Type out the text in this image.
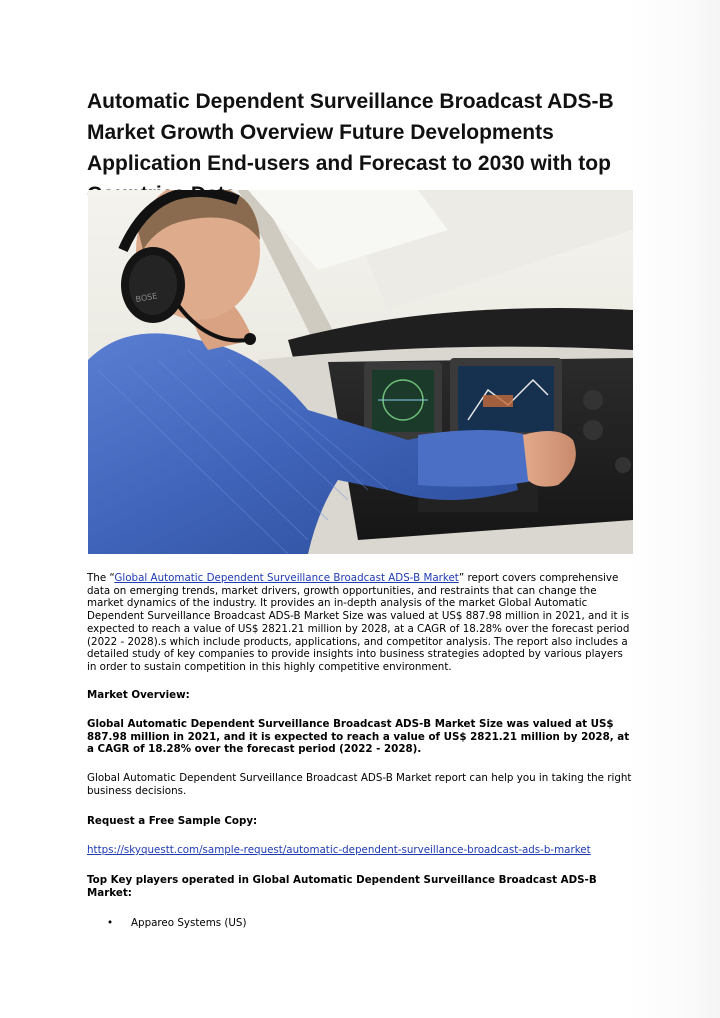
Automatic Dependent Surveillance Broadcast ADS-B Market Growth Overview Future Developments Application End-users and Forecast to 2030 with top
BOSE

The “Global Automatic Dependent Surveillance Broadcast ADS-B Market” report covers comprehensive data on emerging trends, market drivers, growth opportunities, and restraints that can change the market dynamics of the industry. It provides an in-depth analysis of the market Global Automatic Dependent Surveillance Broadcast ADS-B Market Size was valued at US$ 887.98 million in 2021, and it is expected to reach a value of US$ 2821.21 million by 2028, at a CAGR of 18.28% over the forecast period (2022 - 2028).s which include products, applications, and competitor analysis. The report also includes a detailed study of key companies to provide insights into business strategies adopted by various players in order to sustain competition in this highly competitive environment.

Market Overview:

Global Automatic Dependent Surveillance Broadcast ADS-B Market Size was valued at US$ 887.98 million in 2021, and it is expected to reach a value of US$ 2821.21 million by 2028, at a CAGR of 18.28% over the forecast period (2022 - 2028).

Global Automatic Dependent Surveillance Broadcast ADS-B Market report can help you in taking the right business decisions.

Request a Free Sample Copy:

https://skyquestt.com/sample-request/automatic-dependent-surveillance-broadcast-ads-b-market

Top Key players operated in Global Automatic Dependent Surveillance Broadcast ADS-B Market:

• Appareo Systems (US)
